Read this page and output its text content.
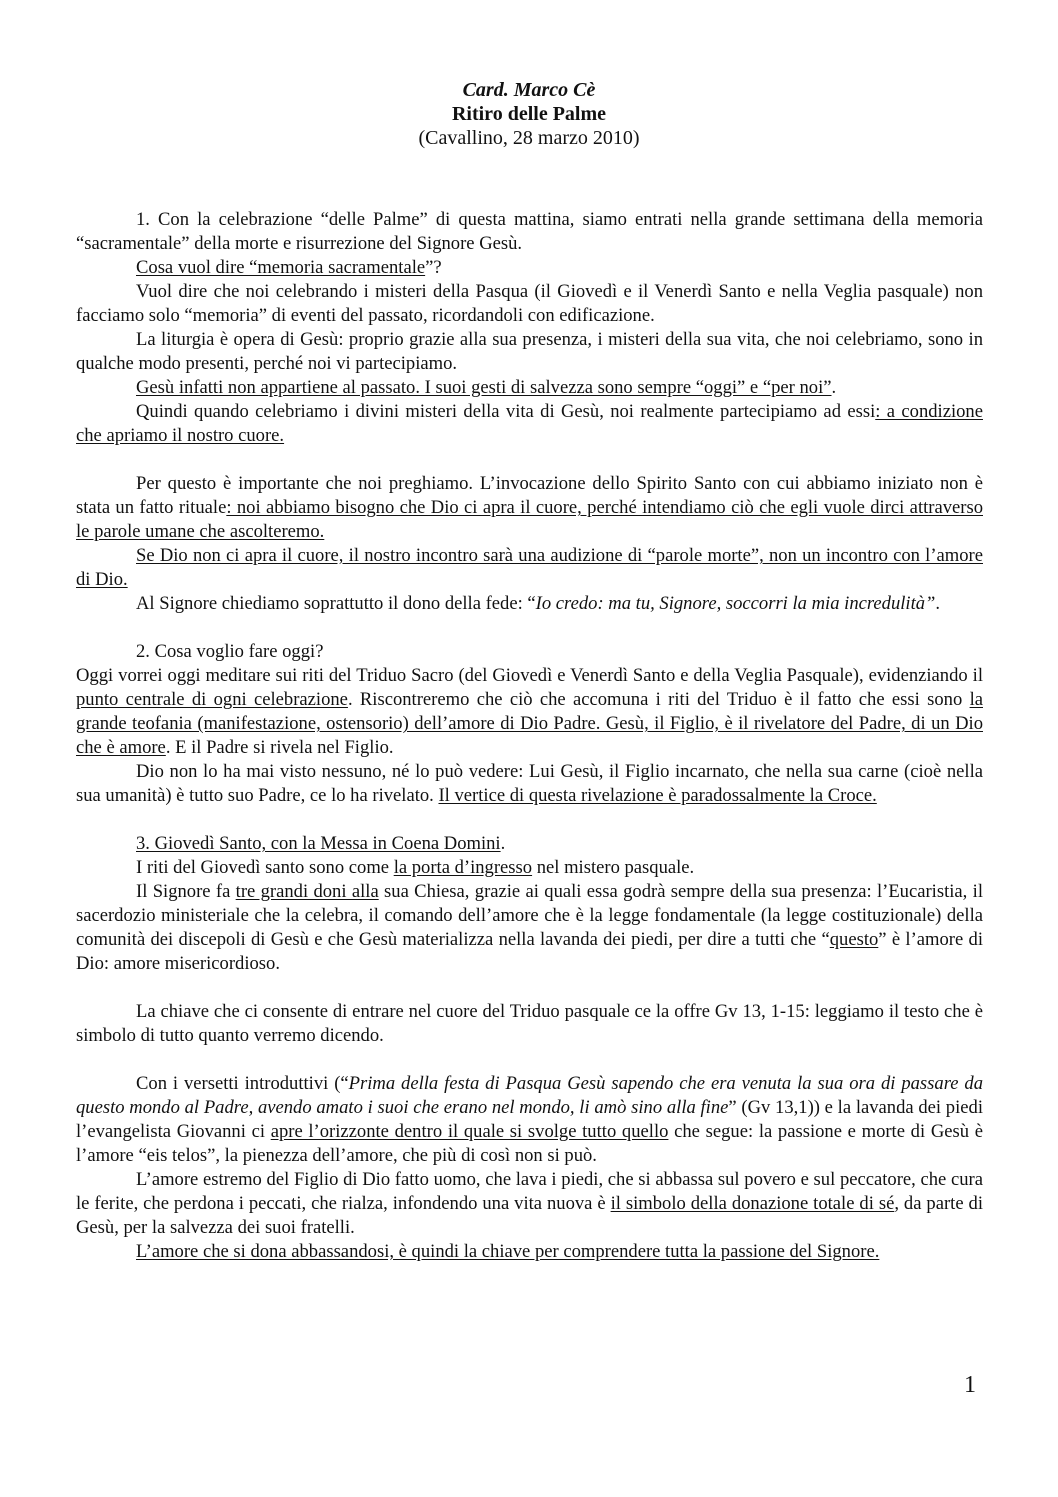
Card. Marco Cè
Ritiro delle Palme
(Cavallino, 28 marzo 2010)

1. Con la celebrazione “delle Palme” di questa mattina, siamo entrati nella grande settimana della memoria “sacramentale” della morte e risurrezione del Signore Gesù.

Cosa vuol dire “memoria sacramentale”?

Vuol dire che noi celebrando i misteri della Pasqua (il Giovedì e il Venerdì Santo e nella Veglia pasquale) non facciamo solo “memoria” di eventi del passato, ricordandoli con edificazione.

La liturgia è opera di Gesù: proprio grazie alla sua presenza, i misteri della sua vita, che noi celebriamo, sono in qualche modo presenti, perché noi vi partecipiamo.

Gesù infatti non appartiene al passato. I suoi gesti di salvezza sono sempre “oggi” e “per noi”.

Quindi quando celebriamo i divini misteri della vita di Gesù, noi realmente partecipiamo ad essi: a condizione che apriamo il nostro cuore.

Per questo è importante che noi preghiamo. L’invocazione dello Spirito Santo con cui abbiamo iniziato non è stata un fatto rituale: noi abbiamo bisogno che Dio ci apra il cuore, perché intendiamo ciò che egli vuole dirci attraverso le parole umane che ascolteremo.

Se Dio non ci apra il cuore, il nostro incontro sarà una audizione di “parole morte”, non un incontro con l’amore di Dio.

Al Signore chiediamo soprattutto il dono della fede: “Io credo: ma tu, Signore, soccorri la mia incredulità”.

2. Cosa voglio fare oggi?

Oggi vorrei oggi meditare sui riti del Triduo Sacro (del Giovedì e Venerdì Santo e della Veglia Pasquale), evidenziando il punto centrale di ogni celebrazione. Riscontreremo che ciò che accomuna i riti del Triduo è il fatto che essi sono la grande teofania (manifestazione, ostensorio) dell’amore di Dio Padre. Gesù, il Figlio, è il rivelatore del Padre, di un Dio che è amore. E il Padre si rivela nel Figlio.

Dio non lo ha mai visto nessuno, né lo può vedere: Lui Gesù, il Figlio incarnato, che nella sua carne (cioè nella sua umanità) è tutto suo Padre, ce lo ha rivelato. Il vertice di questa rivelazione è paradossalmente la Croce.

3. Giovedì Santo, con la Messa in Coena Domini.

I riti del Giovedì santo sono come la porta d’ingresso nel mistero pasquale.

Il Signore fa tre grandi doni alla sua Chiesa, grazie ai quali essa godrà sempre della sua presenza: l’Eucaristia, il sacerdozio ministeriale che la celebra, il comando dell’amore che è la legge fondamentale (la legge costituzionale) della comunità dei discepoli di Gesù e che Gesù materializza nella lavanda dei piedi, per dire a tutti che “questo” è l’amore di Dio: amore misericordioso.

La chiave che ci consente di entrare nel cuore del Triduo pasquale ce la offre Gv 13, 1-15: leggiamo il testo che è simbolo di tutto quanto verremo dicendo.

Con i versetti introduttivi (“Prima della festa di Pasqua Gesù sapendo che era venuta la sua ora di passare da questo mondo al Padre, avendo amato i suoi che erano nel mondo, li amò sino alla fine” (Gv 13,1)) e la lavanda dei piedi l’evangelista Giovanni ci apre l’orizzonte dentro il quale si svolge tutto quello che segue: la passione e morte di Gesù è l’amore “eis telos”, la pienezza dell’amore, che più di così non si può.

L’amore estremo del Figlio di Dio fatto uomo, che lava i piedi, che si abbassa sul povero e sul peccatore, che cura le ferite, che perdona i peccati, che rialza, infondendo una vita nuova è il simbolo della donazione totale di sé, da parte di Gesù, per la salvezza dei suoi fratelli.

L’amore che si dona abbassandosi, è quindi la chiave per comprendere tutta la passione del Signore.

1
